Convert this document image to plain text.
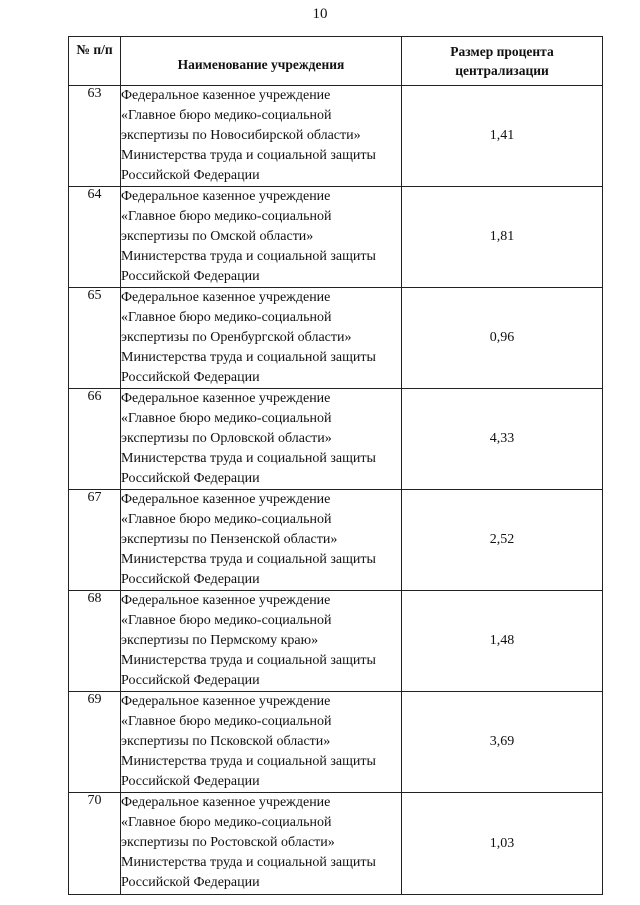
10
№ п/п	Наименование учреждения	Размер процента
централизации

63	Федеральное казенное учреждение
«Главное бюро медико-социальной
экспертизы по Новосибирской области»
Министерства труда и социальной защиты
Российской Федерации	1,41
64	Федеральное казенное учреждение
«Главное бюро медико-социальной
экспертизы по Омской области»
Министерства труда и социальной защиты
Российской Федерации	1,81
65	Федеральное казенное учреждение
«Главное бюро медико-социальной
экспертизы по Оренбургской области»
Министерства труда и социальной защиты
Российской Федерации	0,96
66	Федеральное казенное учреждение
«Главное бюро медико-социальной
экспертизы по Орловской области»
Министерства труда и социальной защиты
Российской Федерации	4,33
67	Федеральное казенное учреждение
«Главное бюро медико-социальной
экспертизы по Пензенской области»
Министерства труда и социальной защиты
Российской Федерации	2,52
68	Федеральное казенное учреждение
«Главное бюро медико-социальной
экспертизы по Пермскому краю»
Министерства труда и социальной защиты
Российской Федерации	1,48
69	Федеральное казенное учреждение
«Главное бюро медико-социальной
экспертизы по Псковской области»
Министерства труда и социальной защиты
Российской Федерации	3,69
70	Федеральное казенное учреждение
«Главное бюро медико-социальной
экспертизы по Ростовской области»
Министерства труда и социальной защиты
Российской Федерации	1,03
